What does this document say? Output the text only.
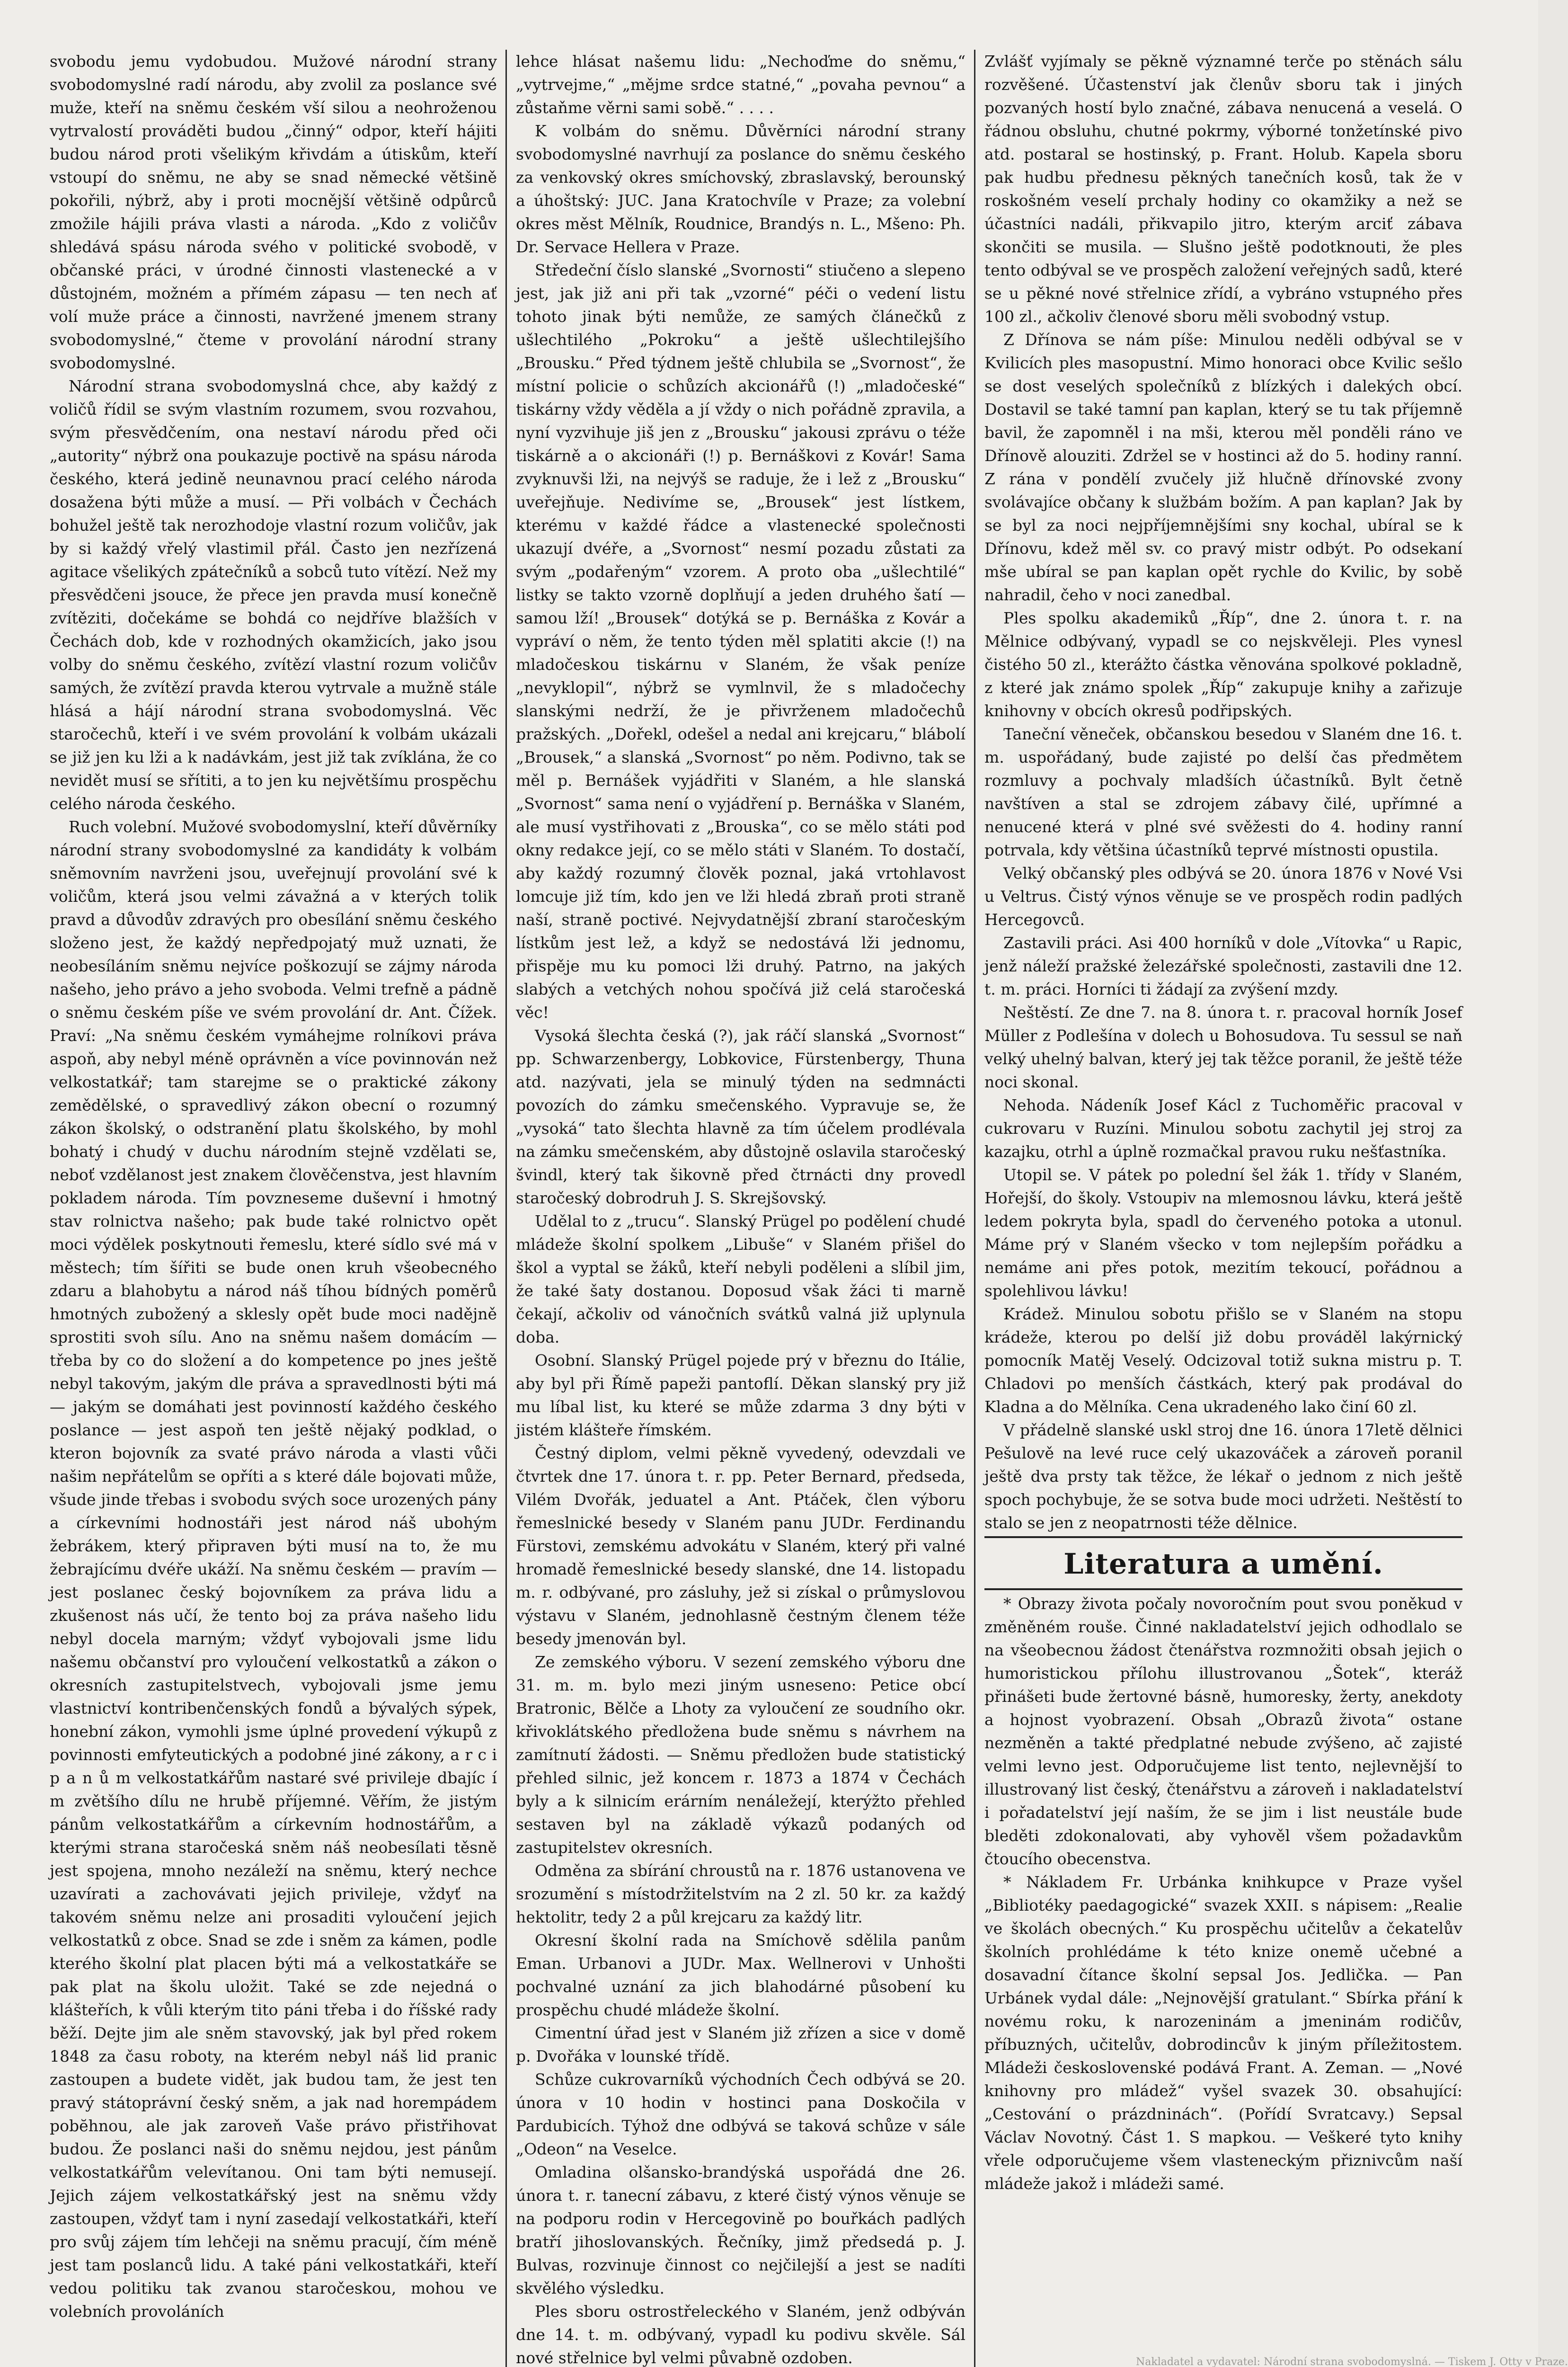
svobodu jemu vydobudou. Mužové národní strany svobodomyslné radí národu, aby zvolil za poslance své muže, kteří na sněmu českém vší silou a neohroženou vytrvalostí prováděti budou „činný“ odpor, kteří hájiti budou národ proti všelikým křivdám a útiskům, kteří vstoupí do sněmu, ne aby se snad německé většině pokořili, nýbrž, aby i proti mocnější většině odpůrců zmožile hájili práva vlasti a národa. „Kdo z voličův shledává spásu národa svého v politické svobodě, v občanské práci, v úrodné činnosti vlastenecké a v důstojném, možném a přímém zápasu — ten nech ať volí muže práce a činnosti, navržené jmenem strany svobodomyslné,“ čteme v provolání národní strany svobodomyslné.

Národní strana svobodomyslná chce, aby každý z voličů řídil se svým vlastním rozumem, svou rozvahou, svým přesvědčením, ona nestaví národu před oči „autority“ nýbrž ona poukazuje poctivě na spásu národa českého, která jedině neunavnou prací celého národa dosažena býti může a musí. — Při volbách v Čechách bohužel ještě tak nerozhodoje vlastní rozum voličův, jak by si každý vřelý vlastimil přál. Často jen nezřízená agitace všelikých zpátečníků a sobců tuto vítězí. Než my přesvědčeni jsouce, že přece jen pravda musí konečně zvítěziti, dočekáme se bohdá co nejdříve blažších v Čechách dob, kde v rozhodných okamžicích, jako jsou volby do sněmu českého, zvítězí vlastní rozum voličův samých, že zvítězí pravda kterou vytrvale a mužně stále hlásá a hájí národní strana svobodomyslná. Věc staročechů, kteří i ve svém provolání k volbám ukázali se již jen ku lži a k nadávkám, jest již tak zvíklána, že co nevidět musí se sřítiti, a to jen ku největšímu prospěchu celého národa českého.

Ruch volební. Mužové svobodomyslní, kteří důvěrníky národní strany svobodomyslné za kandidáty k volbám sněmovním navrženi jsou, uveřejnují provolání své k voličům, která jsou velmi závažná a v kterých tolik pravd a důvodův zdravých pro obesílání sněmu českého složeno jest, že každý nepředpojatý muž uznati, že neobesíláním sněmu nejvíce poškozují se zájmy národa našeho, jeho právo a jeho svoboda. Velmi trefně a pádně o sněmu českém píše ve svém provolání dr. Ant. Čížek. Praví: „Na sněmu českém vymáhejme rolníkovi práva aspoň, aby nebyl méně oprávněn a více povinnován než velkostatkář; tam starejme se o praktické zákony zemědělské, o spravedlivý zákon obecní o rozumný zákon školský, o odstranění platu školského, by mohl bohatý i chudý v duchu národním stejně vzdělati se, neboť vzdělanost jest znakem člověčenstva, jest hlavním pokladem národa. Tím povzneseme duševní i hmotný stav rolnictva našeho; pak bude také rolnictvo opět moci výdělek poskytnouti řemeslu, které sídlo své má v městech; tím šířiti se bude onen kruh všeobecného zdaru a blahobytu a národ náš tíhou bídných poměrů hmotných zubožený a sklesly opět bude moci nadějně sprostiti svoh sílu. Ano na sněmu našem domácím — třeba by co do složení a do kompetence po jnes ještě nebyl takovým, jakým dle práva a spravedlnosti býti má — jakým se domáhati jest povinností každého českého poslance — jest aspoň ten ještě nějaký podklad, o kteron bojovník za svaté právo národa a vlasti vůči našim nepřátelům se opříti a s které dále bojovati může, všude jinde třebas i svobodu svých soce urozených pány a církevními hodnostáři jest národ náš ubohým žebrákem, který připraven býti musí na to, že mu žebrajícímu dvéře ukáží. Na sněmu českém — pravím — jest poslanec český bojovníkem za práva lidu a zkušenost nás učí, že tento boj za práva našeho lidu nebyl docela marným; vždyť vybojovali jsme lidu našemu občanství pro vyloučení velkostatků a zákon o okresních zastupitelstvech, vybojovali jsme jemu vlastnictví kontribenčenských fondů a bývalých sýpek, honební zákon, vymohli jsme úplné provedení výkupů z povinnosti emfyteutických a podobné jiné zákony, a r c i p a n ů m velkostatkářům nastaré své privileje dbajíc í m zvětšího dílu ne hrubě příjemné. Věřím, že jistým pánům velkostatkářům a církevním hodnostářům, a kterými strana staročeská sněm náš neobesílati těsně jest spojena, mnoho nezáleží na sněmu, který nechce uzavírati a zachovávati jejich privileje, vždyť na takovém sněmu nelze ani prosaditi vyloučení jejich velkostatků z obce. Snad se zde i sněm za kámen, podle kterého školní plat placen býti má a velkostatkáře se pak plat na školu uložit. Také se zde nejedná o klášteřích, k vůli kterým tito páni třeba i do říšské rady běží. Dejte jim ale sněm stavovský, jak byl před rokem 1848 za času roboty, na kterém nebyl náš lid pranic zastoupen a budete vidět, jak budou tam, že jest ten pravý státoprávní český sněm, a jak nad horempádem pobĕhnou, ale jak zaroveň Vaše právo přistřihovat budou. Že poslanci naši do sněmu nejdou, jest pánům velkostatkářům velevítanou. Oni tam býti nemusejí. Jejich zájem velkostatkářský jest na sněmu vždy zastoupen, vždyť tam i nyní zasedají velkostatkáři, kteří pro svůj zájem tím lehčeji na sněmu pracují, čím méně jest tam poslanců lidu. A také páni velkostatkáři, kteří vedou politiku tak zvanou staročeskou, mohou ve volebních provoláních

lehce hlásat našemu lidu: „Nechoďme do sněmu,“ „vytrvejme,“ „mějme srdce statné,“ „povaha pevnou“ a zůstaňme věrni sami sobě.“ . . . .

K volbám do sněmu. Důvěrníci národní strany svobodomyslné navrhují za poslance do sněmu českého za venkovský okres smíchovský, zbraslavský, berounský a úhoštský: JUC. Jana Kratochvíle v Praze; za volební okres měst Mělník, Roudnice, Brandýs n. L., Mšeno: Ph. Dr. Servace Hellera v Praze.

Středeční číslo slanské „Svornosti“ stiučeno a slepeno jest, jak již ani při tak „vzorné“ péči o vedení listu tohoto jinak býti nemůže, ze samých článečků z ušlechtilého „Pokroku“ a ještě ušlechtilejšího „Brousku.“ Před týdnem ještě chlubila se „Svornost“, že místní policie o schůzích akcionářů (!) „mladočeské“ tiskárny vždy věděla a jí vždy o nich pořádně zpravila, a nyní vyzvihuje jiš jen z „Brousku“ jakousi zprávu o téže tiskárně a o akcionáři (!) p. Bernáškovi z Kovár! Sama zvyknuvši lži, na nejvýš se raduje, že i lež z „Brousku“ uveřejňuje. Nedivíme se, „Brousek“ jest lístkem, kterému v každé řádce a vlastenecké společnosti ukazují dvéře, a „Svornost“ nesmí pozadu zůstati za svým „podařeným“ vzorem. A proto oba „ušlechtilé“ listky se takto vzorně doplňují a jeden druhého šatí — samou lží! „Brousek“ dotýká se p. Bernáška z Kovár a vypráví o něm, že tento týden měl splatiti akcie (!) na mladočeskou tiskárnu v Slaném, že však peníze „nevyklopil“, nýbrž se vymlnvil, že s mladočechy slanskými nedrží, že je přivrženem mladočechů pražských. „Dořekl, odešel a nedal ani krejcaru,“ blábolí „Brousek,“ a slanská „Svornost“ po něm. Podivno, tak se měl p. Bernášek vyjádřiti v Slaném, a hle slanská „Svornost“ sama není o vyjádření p. Bernáška v Slaném, ale musí vystřihovati z „Brouska“, co se mělo státi pod okny redakce její, co se mělo státi v Slaném. To dostačí, aby každý rozumný člověk poznal, jaká vrtohlavost lomcuje již tím, kdo jen ve lži hledá zbraň proti straně naší, straně poctivé. Nejvydatnější zbraní staročeským lístkům jest lež, a když se nedostává lži jednomu, přispěje mu ku pomoci lži druhý. Patrno, na jakých slabých a vetchých nohou spočívá již celá staročeská věc!

Vysoká šlechta česká (?), jak ráčí slanská „Svornost“ pp. Schwarzenbergy, Lobkovice, Fürstenbergy, Thuna atd. nazývati, jela se minulý týden na sedmnácti povozích do zámku smečenského. Vypravuje se, že „vysoká“ tato šlechta hlavně za tím účelem prodlévala na zámku smečenském, aby důstojně oslavila staročeský švindl, který tak šikovně před čtrnácti dny provedl staročeský dobrodruh J. S. Skrejšovský.

Udělal to z „trucu“. Slanský Prügel po podělení chudé mládeže školní spolkem „Libuše“ v Slaném přišel do škol a vyptal se žáků, kteří nebyli poděleni a slíbil jim, že také šaty dostanou. Doposud však žáci ti marně čekají, ačkoliv od vánočních svátků valná již uplynula doba.

Osobní. Slanský Prügel pojede prý v březnu do Itálie, aby byl při Římě papeži pantoflí. Děkan slanský pry již mu líbal list, ku které se může zdarma 3 dny býti v jistém klášteře římském.

Čestný diplom, velmi pěkně vyvedený, odevzdali ve čtvrtek dne 17. února t. r. pp. Peter Bernard, předseda, Vilém Dvořák, jeduatel a Ant. Ptáček, člen výboru řemeslnické besedy v Slaném panu JUDr. Ferdinandu Fürstovi, zemskému advokátu v Slaném, který při valné hromadě řemeslnické besedy slanské, dne 14. listopadu m. r. odbývané, pro zásluhy, jež si získal o průmyslovou výstavu v Slaném, jednohlasně čestným členem téže besedy jmenován byl.

Ze zemského výboru. V sezení zemského výboru dne 31. m. m. bylo mezi jiným usneseno: Petice obcí Bratronic, Bělče a Lhoty za vyloučení ze soudního okr. křivoklátského předložena bude sněmu s návrhem na zamítnutí žádosti. — Sněmu předložen bude statistický přehled silnic, jež koncem r. 1873 a 1874 v Čechách byly a k silnicím erárním nenáležejí, kterýžto přehled sestaven byl na základě výkazů podaných od zastupitelstev okresních.

Odměna za sbírání chroustů na r. 1876 ustanovena ve srozumění s místodržitelstvím na 2 zl. 50 kr. za každý hektolitr, tedy 2 a půl krejcaru za každý litr.

Okresní školní rada na Smíchově sdělila panům Eman. Urbanovi a JUDr. Max. Wellnerovi v Unhošti pochvalné uznání za jich blahodárné působení ku prospěchu chudé mládeže školní.

Cimentní úřad jest v Slaném již zřízen a sice v domě p. Dvořáka v lounské třídě.

Schůze cukrovarníků východních Čech odbývá se 20. února v 10 hodin v hostinci pana Doskočila v Pardubicích. Týhož dne odbývá se taková schůze v sále „Odeon“ na Veselce.

Omladina olšansko-brandýská uspořádá dne 26. února t. r. tanecní zábavu, z které čistý výnos věnuje se na podporu rodin v Hercegovině po bouřkách padlých bratří jihoslovanských. Řečníky, jimž předsedá p. J. Bulvas, rozvinuje činnost co nejčilejší a jest se nadíti skvělého výsledku.

Ples sboru ostrostřeleckého v Slaném, jenž odbýván dne 14. t. m. odbývaný, vypadl ku podivu skvěle. Sál nové střelnice byl velmi půvabně ozdoben.

Zvlášť vyjímaly se pěkně významné terče po stěnách sálu rozvěšené. Účastenství jak členův sboru tak i jiných pozvaných hostí bylo značné, zábava nenucená a veselá. O řádnou obsluhu, chutné pokrmy, výborné tonžetínské pivo atd. postaral se hostinský, p. Frant. Holub. Kapela sboru pak hudbu přednesu pěkných tanečních kosů, tak že v roskošném veselí prchaly hodiny co okamžiky a než se účastníci nadáli, přikvapilo jitro, kterým arciť zábava skončiti se musila. — Slušno ještě podotknouti, že ples tento odbýval se ve prospěch založení veřejných sadů, které se u pěkné nové střelnice zřídí, a vybráno vstupného přes 100 zl., ačkoliv členové sboru měli svobodný vstup.

Z Dřínova se nám píše: Minulou neděli odbýval se v Kvilicích ples masopustní. Mimo honoraci obce Kvilic sešlo se dost veselých společníků z blízkých i dalekých obcí. Dostavil se také tamní pan kaplan, který se tu tak příjemně bavil, že zapomněl i na mši, kterou měl ponděli ráno ve Dřínově alouziti. Zdržel se v hostinci až do 5. hodiny ranní. Z rána v pondělí zvučely již hlučně dřínovské zvony svolávajíce občany k službám božím. A pan kaplan? Jak by se byl za noci nejpříjemnějšími sny kochal, ubíral se k Dřínovu, kdež měl sv. co pravý mistr odbýt. Po odsekaní mše ubíral se pan kaplan opět rychle do Kvilic, by sobě nahradil, čeho v noci zanedbal.

Ples spolku akademiků „Říp“, dne 2. února t. r. na Mělnice odbývaný, vypadl se co nejskvěleji. Ples vynesl čistého 50 zl., kterážto částka věnována spolkové pokladně, z které jak známo spolek „Říp“ zakupuje knihy a zařizuje knihovny v obcích okresů podřipských.

Taneční věneček, občanskou besedou v Slaném dne 16. t. m. uspořádaný, bude zajisté po delší čas předmětem rozmluvy a pochvaly mladších účastníků. Bylt četně navštíven a stal se zdrojem zábavy čilé, upřímné a nenucené která v plné své svěžesti do 4. hodiny ranní potrvala, kdy většina účastníků teprvé místnosti opustila.

Velký občanský ples odbývá se 20. února 1876 v Nové Vsi u Veltrus. Čistý výnos věnuje se ve prospěch rodin padlých Hercegovců.

Zastavili práci. Asi 400 horníků v dole „Vítovka“ u Rapic, jenž náleží pražské železářské společnosti, zastavili dne 12. t. m. práci. Horníci ti žádají za zvýšení mzdy.

Neštěstí. Ze dne 7. na 8. února t. r. pracoval horník Josef Müller z Podlešína v dolech u Bohosudova. Tu sessul se naň velký uhelný balvan, který jej tak těžce poranil, že ještě téže noci skonal.

Nehoda. Nádeník Josef Kácl z Tuchoměřic pracoval v cukrovaru v Ruzíni. Minulou sobotu zachytil jej stroj za kazajku, otrhl a úplně rozmačkal pravou ruku nešťastníka.

Utopil se. V pátek po polední šel žák 1. třídy v Slaném, Hořejší, do školy. Vstoupiv na mlemosnou lávku, která ještě ledem pokryta byla, spadl do červeného potoka a utonul. Máme prý v Slaném všecko v tom nejlepším pořádku a nemáme ani přes potok, mezitím tekoucí, pořádnou a spolehlivou lávku!

Krádež. Minulou sobotu přišlo se v Slaném na stopu krádeže, kterou po delší již dobu prováděl lakýrnický pomocník Matěj Veselý. Odcizoval totiž sukna mistru p. T. Chladovi po menších částkách, který pak prodával do Kladna a do Mělníka. Cena ukradeného lako činí 60 zl.

V přádelně slanské uskl stroj dne 16. února 17letě dělnici Pešulově na levé ruce celý ukazováček a zároveň poranil ještě dva prsty tak těžce, že lékař o jednom z nich ještě spoch pochybuje, že se sotva bude moci udržeti. Neštěstí to stalo se jen z neopatrnosti téže dělnice.

Literatura a umění.

* Obrazy života počaly novoročním pout svou poněkud v změněném rouše. Činné nakladatelství jejich odhodlalo se na všeobecnou žádost čtenářstva rozmnožiti obsah jejich o humoristickou přílohu illustrovanou „Šotek“, kteráž přinášeti bude žertovné básně, humoresky, žerty, anekdoty a hojnost vyobrazení. Obsah „Obrazů života“ ostane nezměněn a takté předplatné nebude zvýšeno, ač zajisté velmi levno jest. Odporučujeme list tento, nejlevnější to illustrovaný list český, čtenářstvu a zároveň i nakladatelství i pořadatelství její naším, že se jim i list neustále bude bleděti zdokonalovati, aby vyhověl všem požadavkům čtoucího obecenstva.

* Nákladem Fr. Urbánka knihkupce v Praze vyšel „Bibliotéky paedagogické“ svazek XXII. s nápisem: „Realie ve školách obecných.“ Ku prospěchu učitelův a čekatelův školních prohlédáme k této knize onemě učebné a dosavadní čítance školní sepsal Jos. Jedlička. — Pan Urbánek vydal dále: „Nejnovější gratulant.“ Sbírka přání k novému roku, k narozeninám a jmeninám rodičův, příbuzných, učitelův, dobrodincův k jiným příležitostem. Mládeži československé podává Frant. A. Zeman. — „Nové knihovny pro mládež“ vyšel svazek 30. obsahující: „Cestování o prázdninách“. (Pořídí Svratcavy.) Sepsal Václav Novotný. Část 1. S mapkou. — Veškeré tyto knihy vřele odporučujeme všem vlasteneckým přiznivcům naší mládeže jakož i mládeži samé.

Nakladatel a vydavatel: Národní strana svobodomyslná. — Tiskem J. Otty v Praze.
